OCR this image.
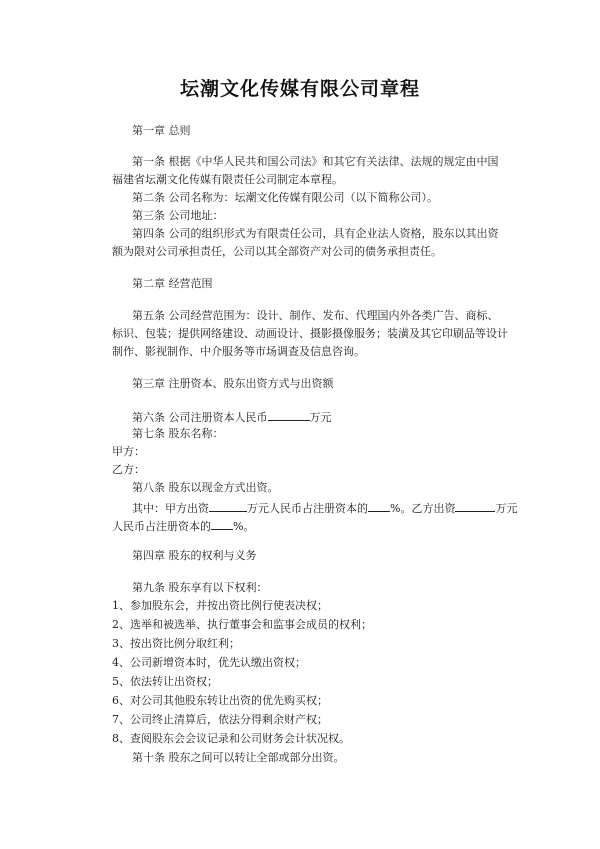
坛潮文化传媒有限公司章程
第一章 总则
第一条 根据《中华人民共和国公司法》和其它有关法律、法规的规定由中国
福建省坛潮文化传媒有限责任公司制定本章程。
第二条 公司名称为：坛潮文化传媒有限公司（以下简称公司）。
第三条 公司地址：
第四条 公司的组织形式为有限责任公司，具有企业法人资格，股东以其出资
额为限对公司承担责任，公司以其全部资产对公司的债务承担责任。
第二章 经营范围
第五条 公司经营范围为：设计、制作、发布、代理国内外各类广告、商标、
标识、包装；提供网络建设、动画设计、摄影摄像服务；装潢及其它印刷品等设计
制作、影视制作、中介服务等市场调查及信息咨询。
第三章 注册资本、股东出资方式与出资额
第六条 公司注册资本人民币	万元
第七条 股东名称：
甲方：
乙方：
第八条 股东以现金方式出资。
其中：甲方出资	万元人民币占注册资本的 %。乙方出资	万元
人民币占注册资本的 %。
第四章 股东的权利与义务
第九条 股东享有以下权利：
1、参加股东会，并按出资比例行使表决权；
2、选举和被选举、执行董事会和监事会成员的权利；
3、按出资比例分取红利；
4、公司新增资本时，优先认缴出资权；
5、依法转让出资权；
6、对公司其他股东转让出资的优先购买权；
7、公司终止清算后，依法分得剩余财产权；
8、查阅股东会会议记录和公司财务会计状况权。
第十条 股东之间可以转让全部或部分出资。
